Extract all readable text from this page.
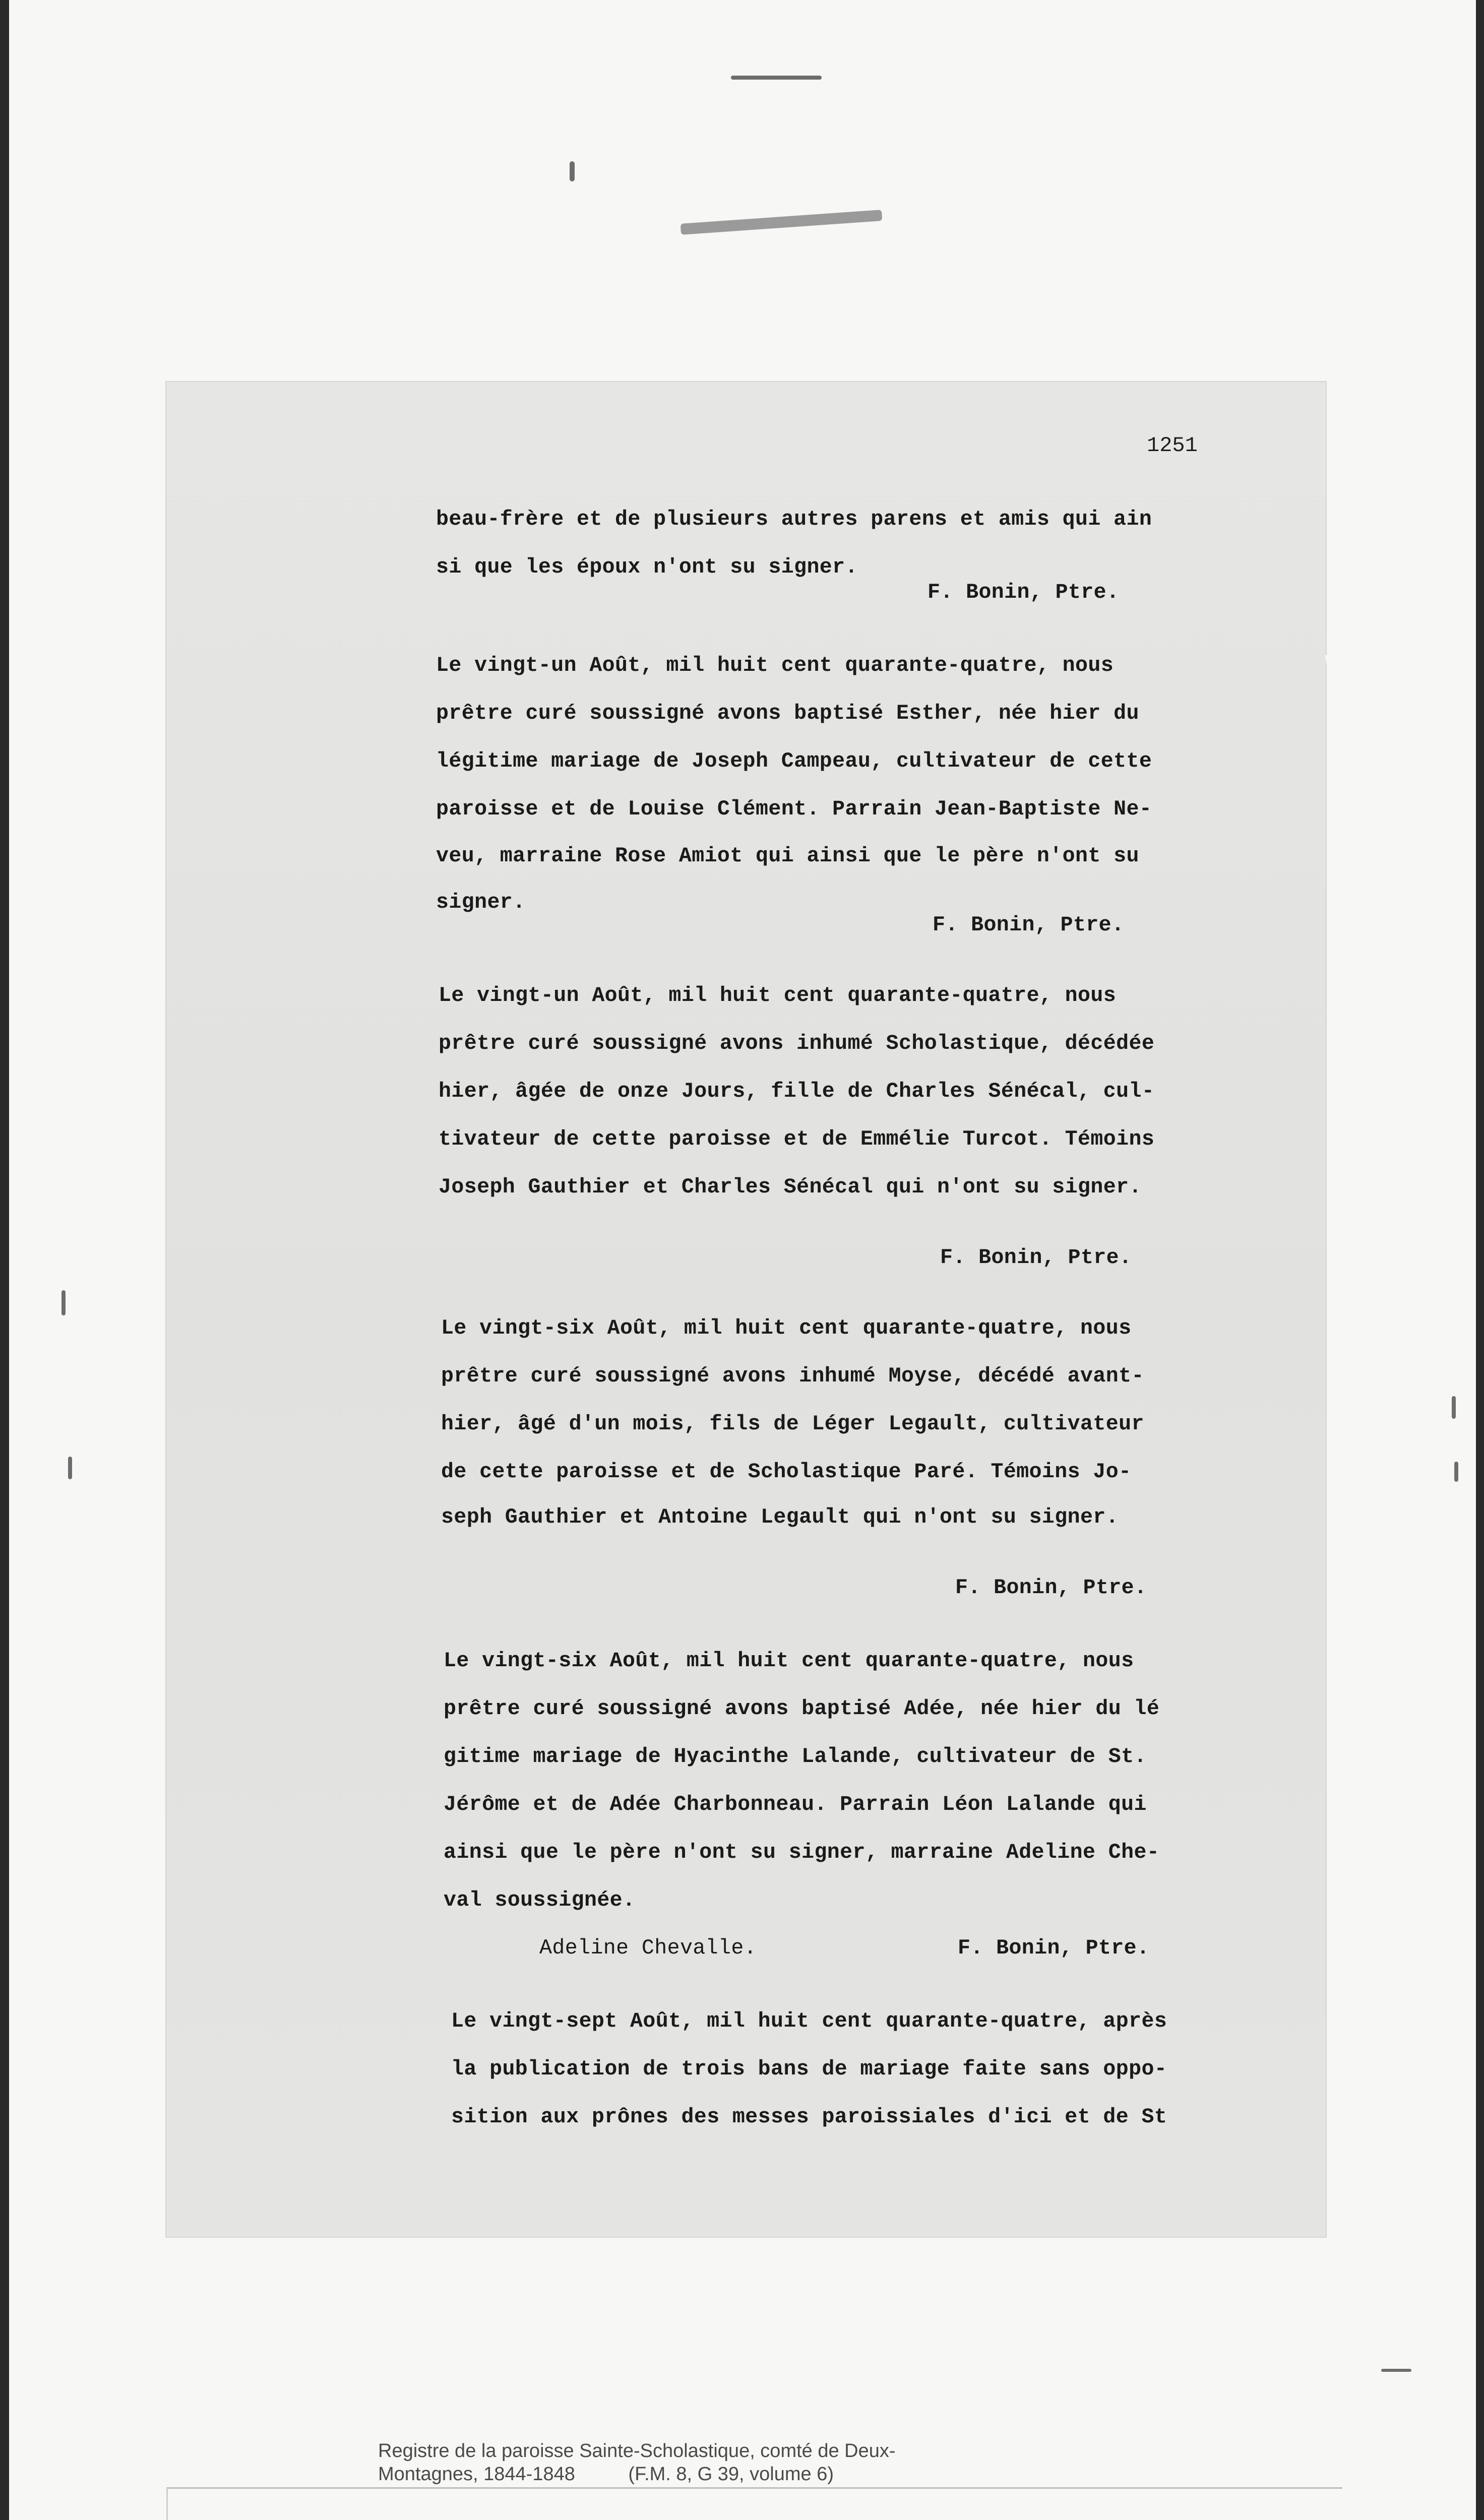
1251

beau-frère et de plusieurs autres parens et amis qui ain

si que les époux n'ont su signer.

F. Bonin, Ptre.

Le vingt-un Août, mil huit cent quarante-quatre, nous

prêtre curé soussigné avons baptisé Esther, née hier du

légitime mariage de Joseph Campeau, cultivateur de cette

paroisse et de Louise Clément. Parrain Jean-Baptiste Ne-

veu, marraine Rose Amiot qui ainsi que le père n'ont su

signer.

F. Bonin, Ptre.

Le vingt-un Août, mil huit cent quarante-quatre, nous

prêtre curé soussigné avons inhumé Scholastique, décédée

hier, âgée de onze Jours, fille de Charles Sénécal, cul-

tivateur de cette paroisse et de Emmélie Turcot. Témoins

Joseph Gauthier et Charles Sénécal qui n'ont su signer.

F. Bonin, Ptre.

Le vingt-six Août, mil huit cent quarante-quatre, nous

prêtre curé soussigné avons inhumé Moyse, décédé avant-

hier, âgé d'un mois, fils de Léger Legault, cultivateur

de cette paroisse et de Scholastique Paré. Témoins Jo-

seph Gauthier et Antoine Legault qui n'ont su signer.

F. Bonin, Ptre.

Le vingt-six Août, mil huit cent quarante-quatre, nous

prêtre curé soussigné avons baptisé Adée, née hier du lé

gitime mariage de Hyacinthe Lalande, cultivateur de St.

Jérôme et de Adée Charbonneau. Parrain Léon Lalande qui

ainsi que le père n'ont su signer, marraine Adeline Che-

val soussignée.

Adeline Chevalle.	F. Bonin, Ptre.

Le vingt-sept Août, mil huit cent quarante-quatre, après

la publication de trois bans de mariage faite sans oppo-

sition aux prônes des messes paroissiales d'ici et de St

Registre de la paroisse Sainte-Scholastique, comté de Deux-
Montagnes, 1844-1848          (F.M. 8, G 39, volume 6)
